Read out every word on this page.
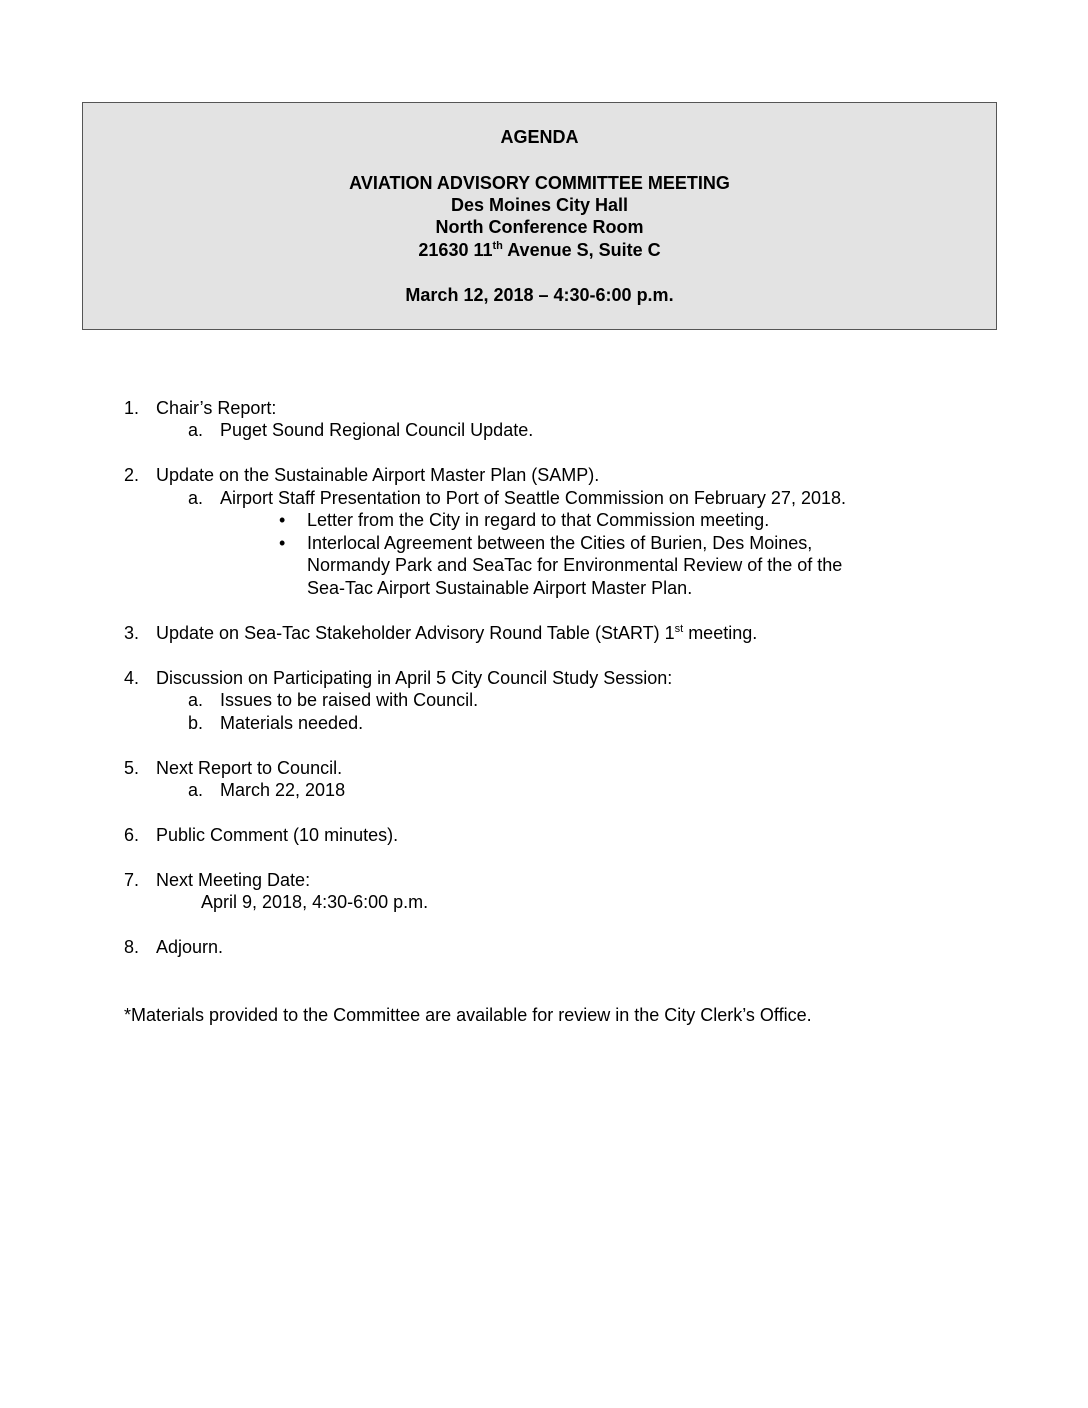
AGENDA
AVIATION ADVISORY COMMITTEE MEETING
Des Moines City Hall
North Conference Room
21630 11th Avenue S, Suite C
March 12, 2018 – 4:30-6:00 p.m.
1. Chair’s Report:
a. Puget Sound Regional Council Update.
2. Update on the Sustainable Airport Master Plan (SAMP).
a. Airport Staff Presentation to Port of Seattle Commission on February 27, 2018.
• Letter from the City in regard to that Commission meeting.
• Interlocal Agreement between the Cities of Burien, Des Moines,
Normandy Park and SeaTac for Environmental Review of the of the
Sea-Tac Airport Sustainable Airport Master Plan.
3. Update on Sea-Tac Stakeholder Advisory Round Table (StART) 1st meeting.
4. Discussion on Participating in April 5 City Council Study Session:
a. Issues to be raised with Council.
b. Materials needed.
5. Next Report to Council.
a. March 22, 2018
6. Public Comment (10 minutes).
7. Next Meeting Date:
April 9, 2018, 4:30-6:00 p.m.
8. Adjourn.
*Materials provided to the Committee are available for review in the City Clerk’s Office.
